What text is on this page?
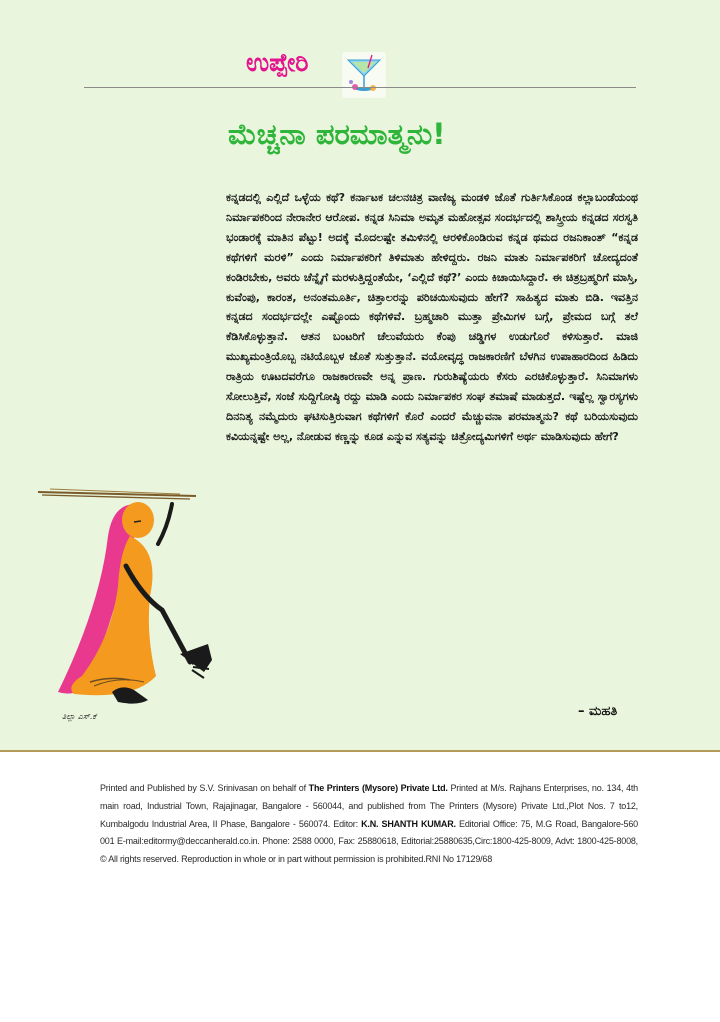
ಉಪ್ಪೇರಿ
ಮೆಚ್ಚನಾ ಪರಮಾತ್ಮನು!

ಕನ್ನಡದಲ್ಲಿ ಎಲ್ಲಿದೆ ಒಳ್ಳೆಯ ಕಥೆ? ಕರ್ನಾಟಕ ಚಲನಚಿತ್ರ ವಾಣಿಜ್ಯ ಮಂಡಳಿ ಜೊತೆ ಗುರ್ತಿಸಿಕೊಂಡ ಕಲ್ಲಾಬಂಡೆಯಂಥ ನಿರ್ಮಾಪಕರಿಂದ ನೇರಾನೇರ ಆರೋಪ. ಕನ್ನಡ ಸಿನಿಮಾ ಅಮೃತ ಮಹೋತ್ಸವ ಸಂದರ್ಭದಲ್ಲಿ ಶಾಸ್ತ್ರೀಯ ಕನ್ನಡದ ಸರಸ್ವತಿ ಭಂಡಾರಕ್ಕೆ ಮಾತಿನ ಪೆಟ್ಟು! ಅದಕ್ಕೆ ಮೊದಲಷ್ಟೇ ತಮಿಳಿನಲ್ಲಿ ಆರಳಿಕೊಂಡಿರುವ ಕನ್ನಡ ಥಮದ ರಜನಿಕಾಂತ್ “ಕನ್ನಡ ಕಥೆಗಳಿಗೆ ಮರಳಿ” ಎಂದು ನಿರ್ಮಾಪಕರಿಗೆ ತಿಳಿಮಾತು ಹೇಳಿದ್ದರು. ರಜನಿ ಮಾತು ನಿರ್ಮಾಪಕರಿಗೆ ಚೋದ್ಯದಂತೆ ಕಂಡಿರಬೇಕು, ಅವರು ಚೆನ್ನೈಗೆ ಮರಳುತ್ತಿದ್ದಂತೆಯೇ, ‘ಎಲ್ಲಿದೆ ಕಥೆ?’ ಎಂದು ಕಿಚಾಯಿಸಿದ್ದಾರೆ. ಈ ಚಿತ್ರಬ್ರಹ್ಮರಿಗೆ ಮಾಸ್ತಿ, ಕುವೆಂಪು, ಕಾರಂತ, ಅನಂತಮೂರ್ತಿ, ಚಿತ್ತಾಲರನ್ನು ಪರಿಚಯಿಸುವುದು ಹೇಗೆ? ಸಾಹಿತ್ಯದ ಮಾತು ಬಿಡಿ. ಇವತ್ತಿನ ಕನ್ನಡದ ಸಂದರ್ಭದಲ್ಲೇ ಎಷ್ಟೊಂದು ಕಥೆಗಳಿವೆ. ಬ್ರಹ್ಮಚಾರಿ ಮುತ್ತಾ ಪ್ರೇಮಿಗಳ ಬಗ್ಗೆ, ಪ್ರೇಮದ ಬಗ್ಗೆ ತಲೆ ಕೆಡಿಸಿಕೊಳ್ಳುತ್ತಾನೆ. ಆತನ ಬಂಟರಿಗೆ ಚೆಲುವೆಯರು ಕೆಂಪು ಚಡ್ಡಿಗಳ ಉಡುಗೊರೆ ಕಳಿಸುತ್ತಾರೆ. ಮಾಜಿ ಮುಖ್ಯಮಂತ್ರಿಯೊಬ್ಬ ನಟಿಯೊಬ್ಬಳ ಜೊತೆ ಸುತ್ತುತ್ತಾನೆ. ವಯೋವೃದ್ಧ ರಾಜಕಾರಣಿಗೆ ಬೆಳಗಿನ ಉಪಾಹಾರದಿಂದ ಹಿಡಿದು ರಾತ್ರಿಯ ಊಟದವರೆಗೂ ರಾಜಕಾರಣವೇ ಅನ್ನ ಪ್ರಾಣ. ಗುರುಶಿಷ್ಯೆಯರು ಕೆಸರು ಎರಚಿಕೊಳ್ಳುತ್ತಾರೆ. ಸಿನಿಮಾಗಳು ಸೋಲುತ್ತಿವೆ, ಸಂಜೆ ಸುದ್ದಿಗೋಷ್ಠಿ ರದ್ದು ಮಾಡಿ ಎಂದು ನಿರ್ಮಾಪಕರ ಸಂಘ ತಮಾಷೆ ಮಾಡುತ್ತದೆ. ಇಷ್ಟೆಲ್ಲ ಸ್ವಾರಸ್ಯಗಳು ದಿನನಿತ್ಯ ನಮ್ಮೆದುರು ಘಟಿಸುತ್ತಿರುವಾಗ ಕಥೆಗಳಿಗೆ ಕೊರೆ ಎಂದರೆ ಮೆಚ್ಚುವನಾ ಪರಮಾತ್ಮನು? ಕಥೆ ಬರಿಯಸುವುದು ಕವಿಯನ್ನಷ್ಟೇ ಅಲ್ಲ, ನೋಡುವ ಕಣ್ಣನ್ನು ಕೂಡ ಎನ್ನುವ ಸತ್ಯವನ್ನು ಚಿತ್ರೋದ್ಯಮಿಗಳಿಗೆ ಅರ್ಥ ಮಾಡಿಸುವುದು ಹೇಗೆ?

– ಮಹತಿ
ತಿಲ್ಲಾ ಎಸ್.ಕೆ

Printed and Published by S.V. Srinivasan on behalf of The Printers (Mysore) Private Ltd. Printed at M/s. Rajhans Enterprises, no. 134, 4th main road, Industrial Town, Rajajinagar, Bangalore - 560044, and published from The Printers (Mysore) Private Ltd.,Plot Nos. 7 to12, Kumbalgodu Industrial Area, II Phase, Bangalore - 560074. Editor: K.N. SHANTH KUMAR. Editorial Office: 75, M.G Road, Bangalore-560 001 E-mail:editormy@deccanherald.co.in. Phone: 2588 0000, Fax: 25880618, Editorial:25880635,Circ:1800-425-8009, Advt: 1800-425-8008, © All rights reserved. Reproduction in whole or in part without permission is prohibited.RNI No 17129/68
